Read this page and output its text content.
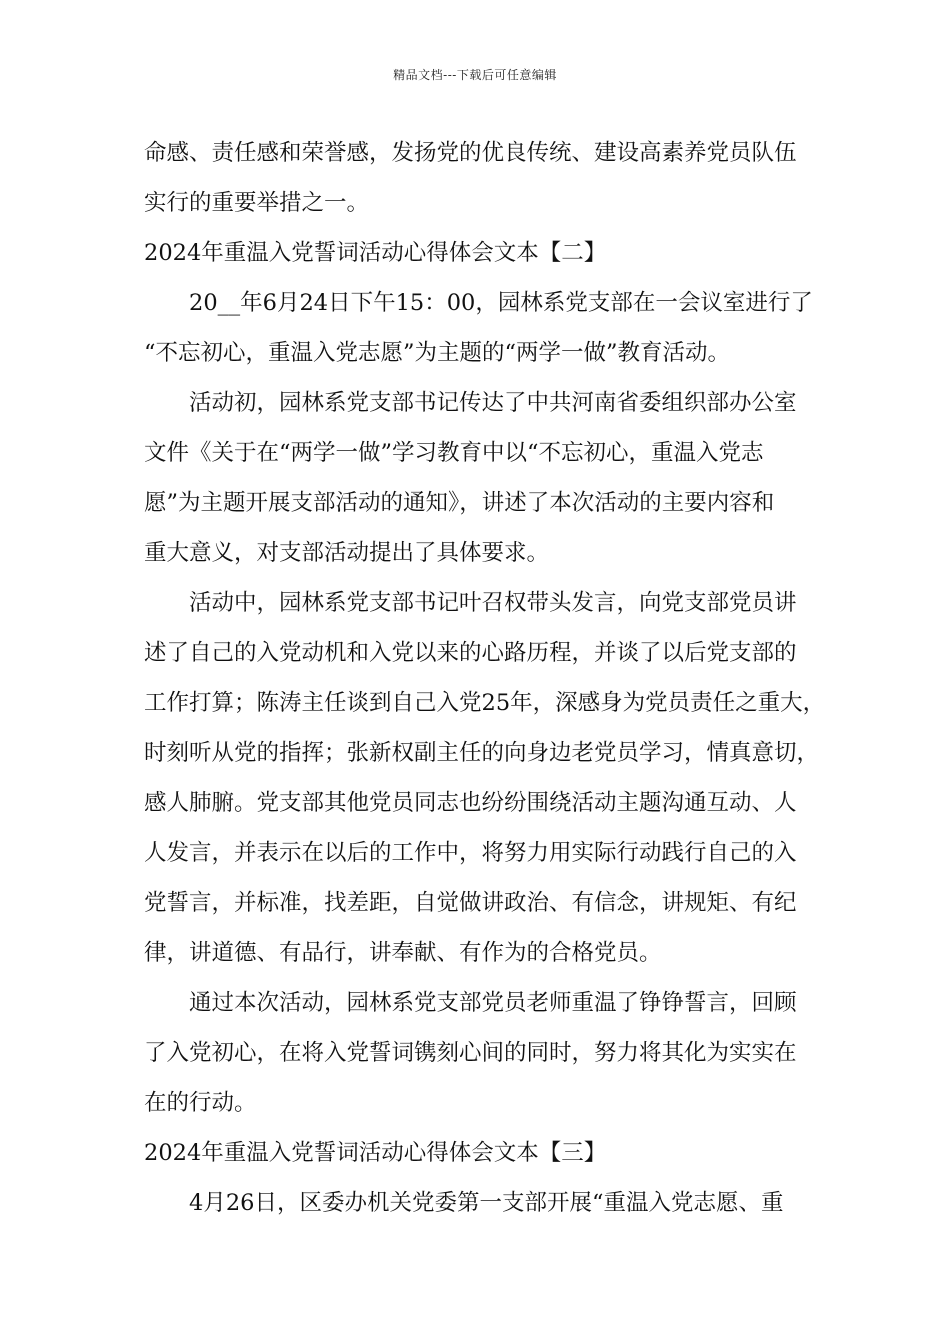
精品文档---下载后可任意编辑
命感、责任感和荣誉感，发扬党的优良传统、建设高素养党员队伍
实行的重要举措之一。
2024年重温入党誓词活动心得体会文本【二】
20__年6月24日下午15：00，园林系党支部在一会议室进行了
“不忘初心，重温入党志愿”为主题的“两学一做”教育活动。
活动初，园林系党支部书记传达了中共河南省委组织部办公室
文件《关于在“两学一做”学习教育中以“不忘初心，重温入党志
愿”为主题开展支部活动的通知》，讲述了本次活动的主要内容和
重大意义，对支部活动提出了具体要求。
活动中，园林系党支部书记叶召权带头发言，向党支部党员讲
述了自己的入党动机和入党以来的心路历程，并谈了以后党支部的
工作打算；陈涛主任谈到自己入党25年，深感身为党员责任之重大，
时刻听从党的指挥；张新权副主任的向身边老党员学习，情真意切，
感人肺腑。党支部其他党员同志也纷纷围绕活动主题沟通互动、人
人发言，并表示在以后的工作中，将努力用实际行动践行自己的入
党誓言，并标准，找差距，自觉做讲政治、有信念，讲规矩、有纪
律，讲道德、有品行，讲奉献、有作为的合格党员。
通过本次活动，园林系党支部党员老师重温了铮铮誓言，回顾
了入党初心，在将入党誓词镌刻心间的同时，努力将其化为实实在
在的行动。
2024年重温入党誓词活动心得体会文本【三】
4月26日，区委办机关党委第一支部开展“重温入党志愿、重
